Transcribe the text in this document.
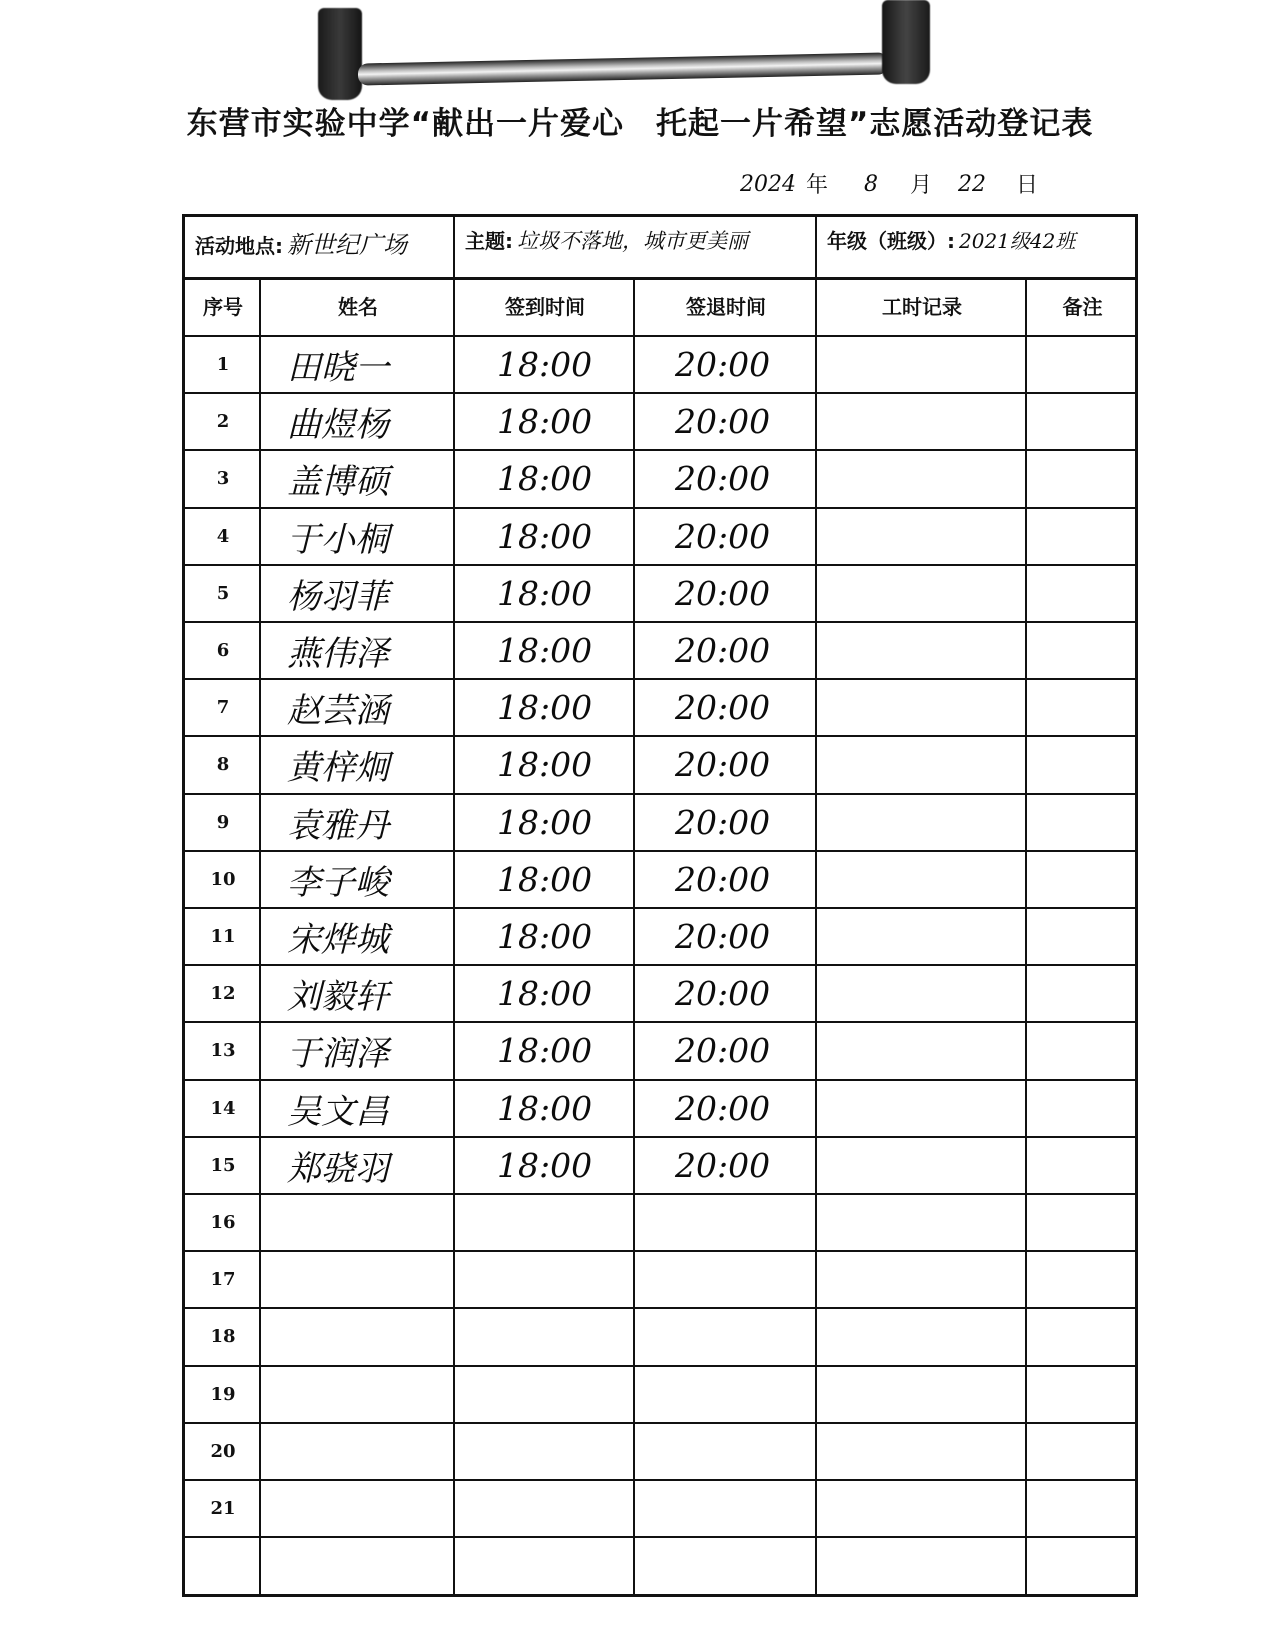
东营市实验中学“献出一片爱心　托起一片希望”志愿活动登记表
2024 年 8 月 22 日
活动地点: 新世纪广场	主题: 垃圾不落地，城市更美丽	年级（班级）: 2021级42班
序号	姓名	签到时间	签退时间	工时记录	备注
1	田晓一	18:00	20:00
2	曲煜杨	18:00	20:00
3	盖博硕	18:00	20:00
4	于小桐	18:00	20:00
5	杨羽菲	18:00	20:00
6	燕伟泽	18:00	20:00
7	赵芸涵	18:00	20:00
8	黄梓炯	18:00	20:00
9	袁雅丹	18:00	20:00
10	李子峻	18:00	20:00
11	宋烨城	18:00	20:00
12	刘毅轩	18:00	20:00
13	于润泽	18:00	20:00
14	吴文昌	18:00	20:00
15	郑骁羽	18:00	20:00
16
17
18
19
20
21
